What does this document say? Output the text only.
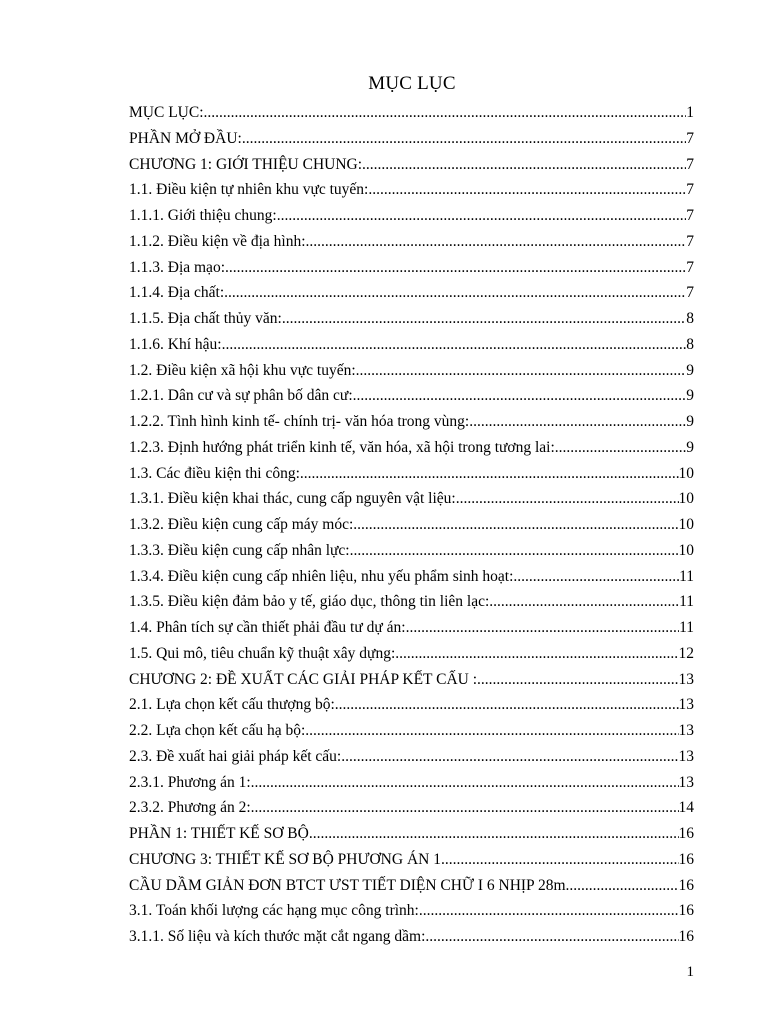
MỤC LỤC
MỤC LỤC: .....	1
PHẦN MỞ ĐẦU: .....	7
CHƯƠNG 1: GIỚI THIỆU CHUNG: .....	7
1.1. Điều kiện tự nhiên khu vực tuyến: .....	7
1.1.1. Giới thiệu chung: .....	7
1.1.2. Điều kiện về địa hình: .....	7
1.1.3. Địa mạo: .....	7
1.1.4. Địa chất: .....	7
1.1.5. Địa chất thủy văn: .....	8
1.1.6. Khí hậu: .....	8
1.2. Điều kiện xã hội khu vực tuyến: .....	9
1.2.1. Dân cư và sự phân bố dân cư: .....	9
1.2.2. Tình hình kinh tế- chính trị- văn hóa trong vùng: .....	9
1.2.3. Định hướng phát triển kinh tế, văn hóa, xã hội trong tương lai: .....	9
1.3. Các điều kiện thi công: .....	10
1.3.1. Điều kiện khai thác, cung cấp nguyên vật liệu: .....	10
1.3.2. Điều kiện cung cấp máy móc: .....	10
1.3.3. Điều kiện cung cấp nhân lực: .....	10
1.3.4. Điều kiện cung cấp nhiên liệu, nhu yếu phẩm sinh hoạt: .....	11
1.3.5. Điều kiện đảm bảo y tế, giáo dục, thông tin liên lạc: .....	11
1.4. Phân tích sự cần thiết phải đầu tư dự án: .....	11
1.5. Qui mô, tiêu chuẩn kỹ thuật xây dựng: .....	12
CHƯƠNG 2: ĐỀ XUẤT CÁC GIẢI PHÁP KẾT CẤU : .....	13
2.1. Lựa chọn kết cấu thượng bộ: .....	13
2.2. Lựa chọn kết cấu hạ bộ: .....	13
2.3. Đề xuất hai giải pháp kết cấu: .....	13
2.3.1. Phương án 1: .....	13
2.3.2. Phương án 2: .....	14
PHẦN 1: THIẾT KẾ SƠ BỘ .....	16
CHƯƠNG 3: THIẾT KẾ SƠ BỘ PHƯƠNG ÁN 1 .....	16
CẦU DẦM GIẢN ĐƠN BTCT ƯST TIẾT DIỆN CHỮ I 6 NHỊP 28m .....	16
3.1. Toán khối lượng các hạng mục công trình: .....	16
3.1.1. Số liệu và kích thước mặt cắt ngang dầm: .....	16
1
